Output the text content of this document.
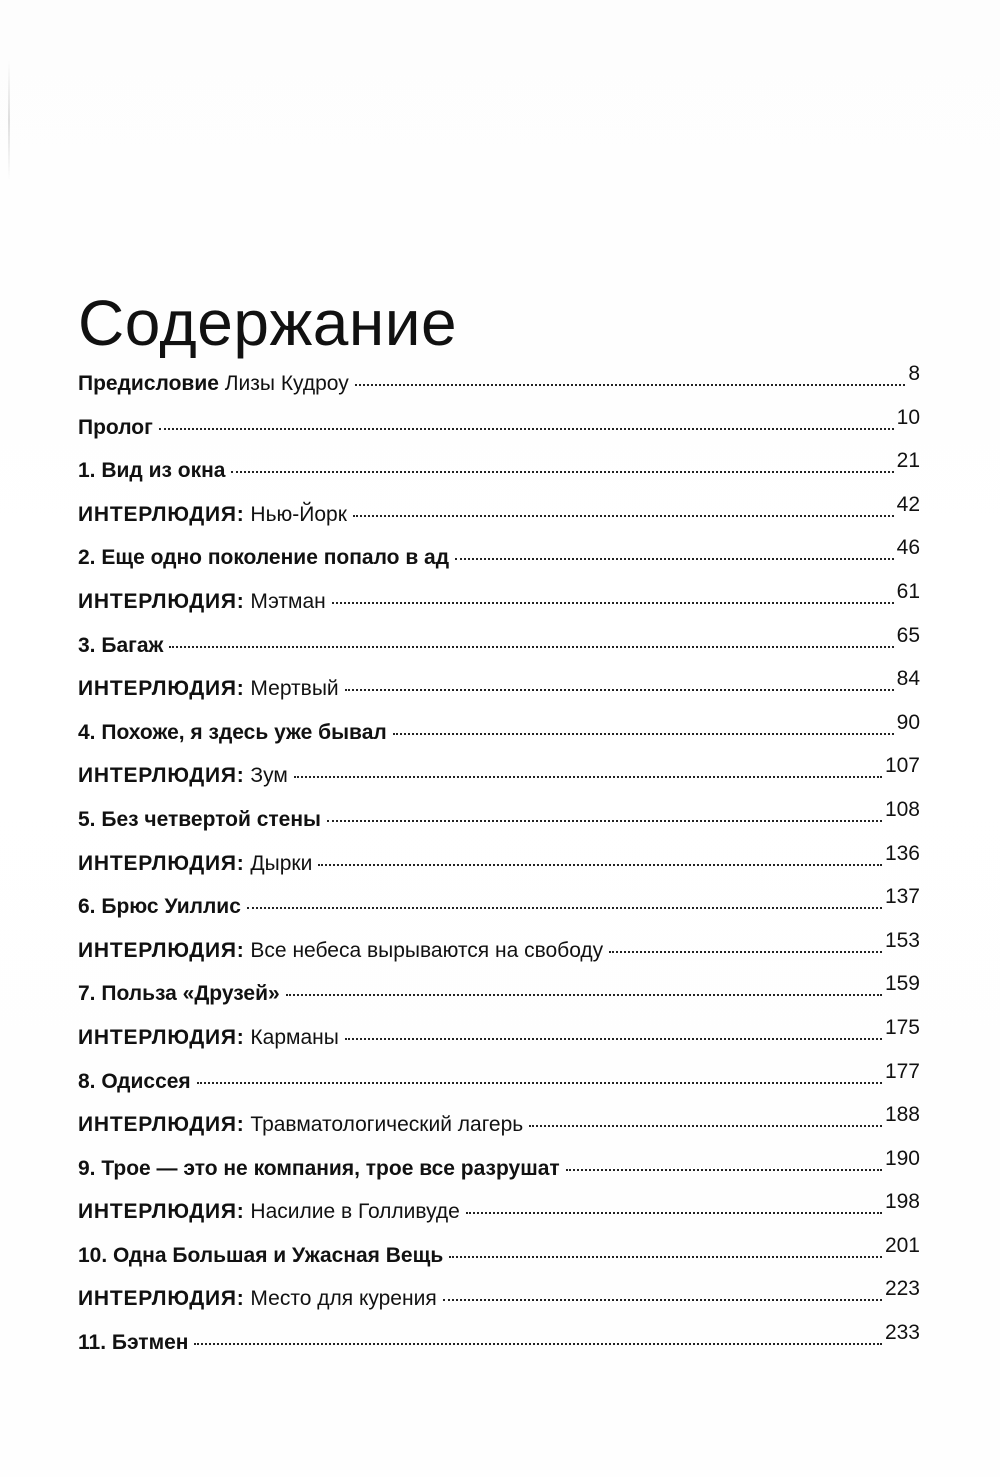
Содержание
Предисловие Лизы Кудроу	8
Пролог	10
1. Вид из окна	21
ИНТЕРЛЮДИЯ: Нью-Йорк	42
2. Еще одно поколение попало в ад	46
ИНТЕРЛЮДИЯ: Мэтман	61
3. Багаж	65
ИНТЕРЛЮДИЯ: Мертвый	84
4. Похоже, я здесь уже бывал	90
ИНТЕРЛЮДИЯ: Зум	107
5. Без четвертой стены	108
ИНТЕРЛЮДИЯ: Дырки	136
6. Брюс Уиллис	137
ИНТЕРЛЮДИЯ: Все небеса вырываются на свободу	153
7. Польза «Друзей»	159
ИНТЕРЛЮДИЯ: Карманы	175
8. Одиссея	177
ИНТЕРЛЮДИЯ: Травматологический лагерь	188
9. Трое — это не компания, трое все разрушат	190
ИНТЕРЛЮДИЯ: Насилие в Голливуде	198
10. Одна Большая и Ужасная Вещь	201
ИНТЕРЛЮДИЯ: Место для курения	223
11. Бэтмен	233
